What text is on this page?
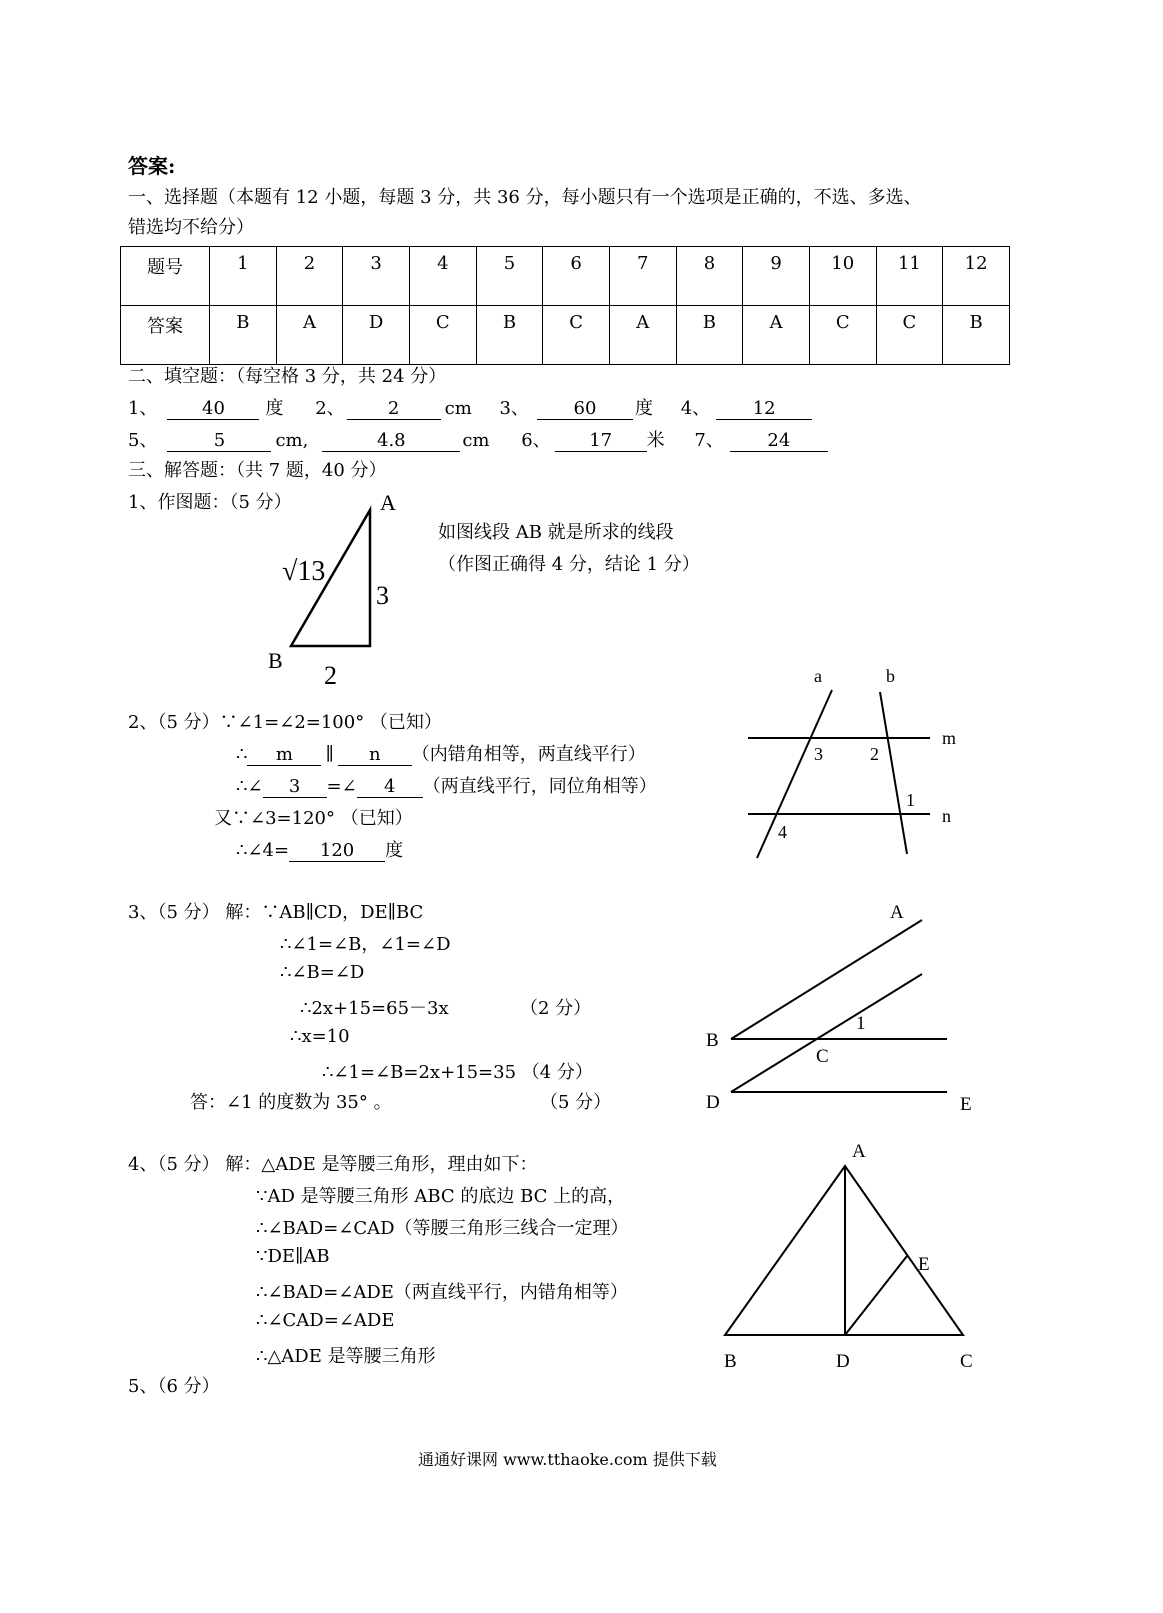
答案:
一、选择题（本题有 12 小题，每题 3 分，共 36 分，每小题只有一个选项是正确的，不选、多选、
错选均不给分）
题号	1	2	3	4	5	6	7	8	9	10	11	12
答案	B	A	D	C	B	C	A	B	A	C	C	B
二、填空题：（每空格 3 分，共 24 分）
1、 40 度 2、 2	cm 3、 60 度 4、 12
5、	5	cm,	4.8	cm 6、 17 米 7、 24
三、解答题：（共 7 题，40 分）
1、作图题：（5 分）
如图线段 AB 就是所求的线段
（作图正确得 4 分，结论 1 分）
A
B
√13
3
2
2、（5 分）∵∠1=∠2=100° （已知）
∴ m ∥ n （内错角相等，两直线平行）
∴∠ 3 =∠ 4 （两直线平行，同位角相等）
又∵∠3=120° （已知）
∴∠4= 120 度
a	b
m
n
3	2
1
4
3、（5 分） 解：∵AB∥CD，DE∥BC
∴∠1=∠B，∠1=∠D
∴∠B=∠D
∴2x+15=65－3x	（2 分）
∴x=10
∴∠1=∠B=2x+15=35 （4 分）
答：∠1 的度数为 35° 。	（5 分）
A
B
C
D	E
1
4、（5 分） 解：△ADE 是等腰三角形，理由如下：
∵AD 是等腰三角形 ABC 的底边 BC 上的高，
∴∠BAD=∠CAD（等腰三角形三线合一定理）
∵DE∥AB
∴∠BAD=∠ADE（两直线平行，内错角相等）
∴∠CAD=∠ADE
∴△ADE 是等腰三角形
A
B	C
D
E
5、（6 分）
通通好课网 www.tthaoke.com 提供下载
